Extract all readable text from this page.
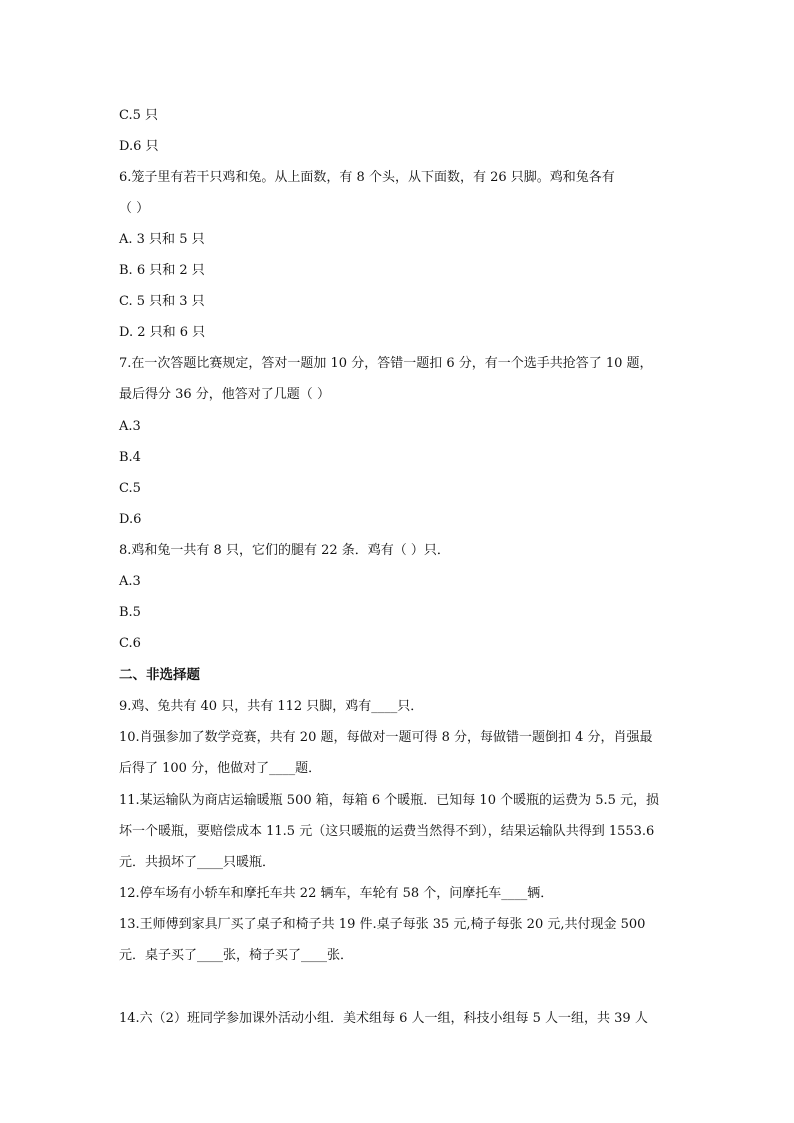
C.5 只
D.6 只
6.笼子里有若干只鸡和兔。从上面数，有 8 个头，从下面数，有 26 只脚。鸡和兔各有
（ ）
A. 3 只和 5 只
B. 6 只和 2 只
C. 5 只和 3 只
D. 2 只和 6 只
7.在一次答题比赛规定，答对一题加 10 分，答错一题扣 6 分，有一个选手共抢答了 10 题，
最后得分 36 分，他答对了几题（ ）
A.3
B.4
C.5
D.6
8.鸡和兔一共有 8 只，它们的腿有 22 条．鸡有（ ）只．
A.3
B.5
C.6
二、非选择题
9.鸡、兔共有 40 只，共有 112 只脚，鸡有____只．
10.肖强参加了数学竞赛，共有 20 题，每做对一题可得 8 分，每做错一题倒扣 4 分，肖强最
后得了 100 分，他做对了____题．
11.某运输队为商店运输暖瓶 500 箱，每箱 6 个暖瓶．已知每 10 个暖瓶的运费为 5.5 元，损
坏一个暖瓶，要赔偿成本 11.5 元（这只暖瓶的运费当然得不到），结果运输队共得到 1553.6
元．共损坏了____只暖瓶．
12.停车场有小轿车和摩托车共 22 辆车，车轮有 58 个，问摩托车____辆．
13.王师傅到家具厂买了桌子和椅子共 19 件.桌子每张 35 元,椅子每张 20 元,共付现金 500
元．桌子买了____张，椅子买了____张．
14.六（2）班同学参加课外活动小组．美术组每 6 人一组，科技小组每 5 人一组，共 39 人
